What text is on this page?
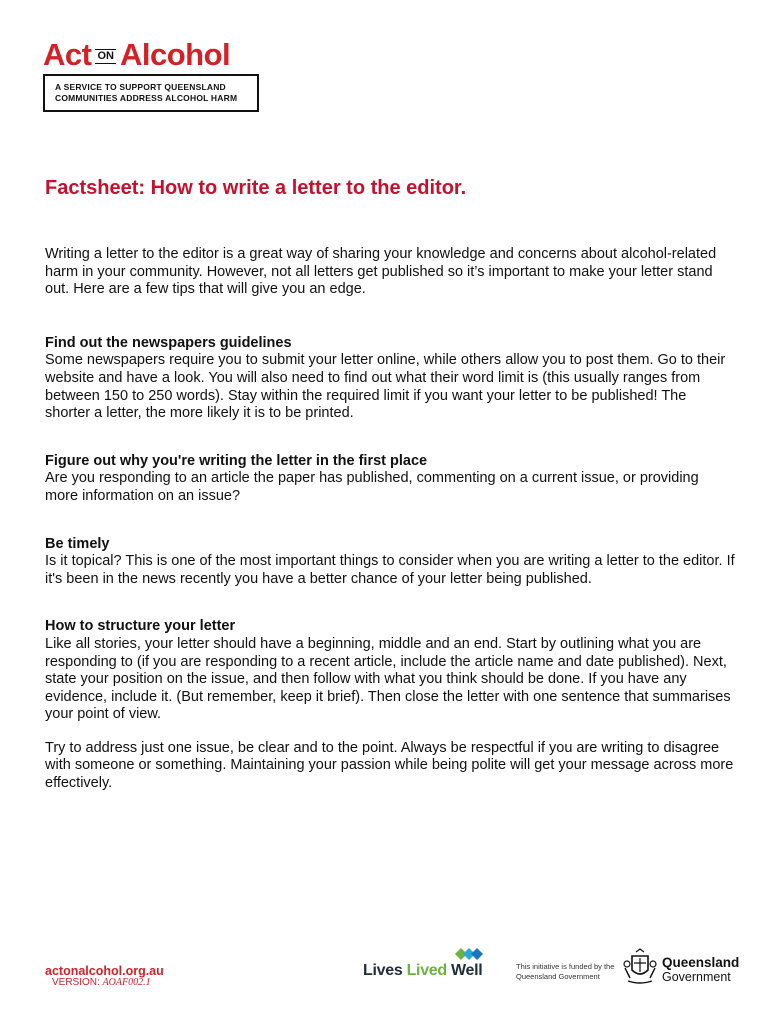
Act ON Alcohol
A SERVICE TO SUPPORT QUEENSLAND
COMMUNITIES ADDRESS ALCOHOL HARM
Factsheet: How to write a letter to the editor.

Writing a letter to the editor is a great way of sharing your knowledge and concerns about alcohol-related harm in your community. However, not all letters get published so it’s important to make your letter stand out. Here are a few tips that will give you an edge.

Find out the newspapers guidelines

Some newspapers require you to submit your letter online, while others allow you to post them. Go to their website and have a look. You will also need to find out what their word limit is (this usually ranges from between 150 to 250 words). Stay within the required limit if you want your letter to be published! The shorter a letter, the more likely it is to be printed.

Figure out why you're writing the letter in the first place

Are you responding to an article the paper has published, commenting on a current issue, or providing more information on an issue?

Be timely

Is it topical? This is one of the most important things to consider when you are writing a letter to the editor. If it's been in the news recently you have a better chance of your letter being published.

How to structure your letter

Like all stories, your letter should have a beginning, middle and an end. Start by outlining what you are responding to (if you are responding to a recent article, include the article name and date published). Next, state your position on the issue, and then follow with what you think should be done. If you have any evidence, include it. (But remember, keep it brief). Then close the letter with one sentence that summarises your point of view.

Try to address just one issue, be clear and to the point. Always be respectful if you are writing to disagree with someone or something. Maintaining your passion while being polite will get your message across more effectively.

actonalcohol.org.au
VERSION: AOAF002.1
Lives Lived Well	This initiative is funded by the
Queensland Government
Queensland
Government
